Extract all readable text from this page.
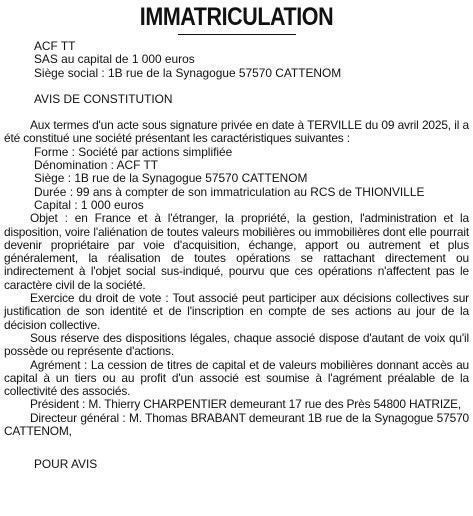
IMMATRICULATION
ACF TT
SAS au capital de 1 000 euros
Siège social : 1B rue de la Synagogue 57570 CATTENOM
AVIS DE CONSTITUTION

Aux termes d'un acte sous signature privée en date à TERVILLE du 09 avril 2025, il a été constitué une société présentant les caractéristiques suivantes :

Forme : Société par actions simplifiée

Dénomination : ACF TT

Siège : 1B rue de la Synagogue 57570 CATTENOM

Durée : 99 ans à compter de son immatriculation au RCS de THIONVILLE

Capital : 1 000 euros

Objet : en France et à l'étranger, la propriété, la gestion, l'administration et la disposition, voire l'aliénation de toutes valeurs mobilières ou immobilières dont elle pourrait devenir propriétaire par voie d'acquisition, échange, apport ou autrement et plus généralement, la réalisation de toutes opérations se rattachant directement ou indirectement à l'objet social sus-indiqué, pourvu que ces opérations n'affectent pas le caractère civil de la société.

Exercice du droit de vote : Tout associé peut participer aux décisions collectives sur justification de son identité et de l'inscription en compte de ses actions au jour de la décision collective.

Sous réserve des dispositions légales, chaque associé dispose d'autant de voix qu'il possède ou représente d'actions.

Agrément : La cession de titres de capital et de valeurs mobilières donnant accès au capital à un tiers ou au profit d'un associé est soumise à l'agrément préalable de la collectivité des associés.

Président : M. Thierry CHARPENTIER demeurant 17 rue des Près 54800 HATRIZE,

Directeur général : M. Thomas BRABANT demeurant 1B rue de la Synagogue 57570 CATTENOM,

POUR AVIS
